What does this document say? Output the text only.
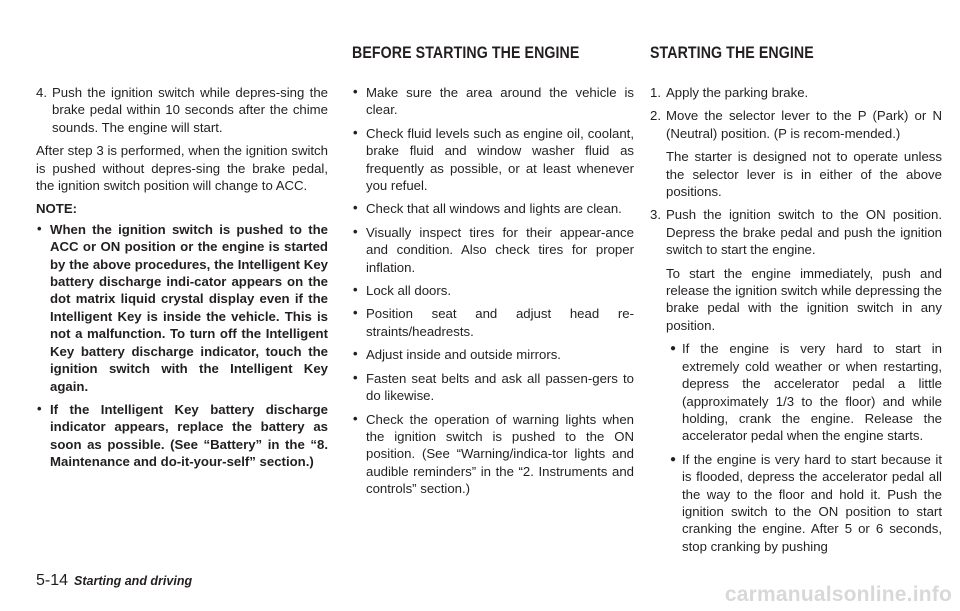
BEFORE STARTING THE ENGINE	STARTING THE ENGINE
4. Push the ignition switch while depres-sing the brake pedal within 10 seconds after the chime sounds. The engine will start.
After step 3 is performed, when the ignition switch is pushed without depres-sing the brake pedal, the ignition switch position will change to ACC.
NOTE:
• When the ignition switch is pushed to the ACC or ON position or the engine is started by the above procedures, the Intelligent Key battery discharge indi-cator appears on the dot matrix liquid crystal display even if the Intelligent Key is inside the vehicle. This is not a malfunction. To turn off the Intelligent Key battery discharge indicator, touch the ignition switch with the Intelligent Key again.
• If the Intelligent Key battery discharge indicator appears, replace the battery as soon as possible. (See “Battery” in the “8. Maintenance and do-it-your-self” section.)
• Make sure the area around the vehicle is clear.
• Check fluid levels such as engine oil, coolant, brake fluid and window washer fluid as frequently as possible, or at least whenever you refuel.
• Check that all windows and lights are clean.
• Visually inspect tires for their appear-ance and condition. Also check tires for proper inflation.
• Lock all doors.
• Position seat and adjust head re-straints/headrests.
• Adjust inside and outside mirrors.
• Fasten seat belts and ask all passen-gers to do likewise.
• Check the operation of warning lights when the ignition switch is pushed to the ON position. (See “Warning/indica-tor lights and audible reminders” in the “2. Instruments and controls” section.)
1. Apply the parking brake.
2. Move the selector lever to the P (Park) or N (Neutral) position. (P is recom-mended.)
The starter is designed not to operate unless the selector lever is in either of the above positions.
3. Push the ignition switch to the ON position. Depress the brake pedal and push the ignition switch to start the engine.
To start the engine immediately, push and release the ignition switch while depressing the brake pedal with the ignition switch in any position.
● If the engine is very hard to start in extremely cold weather or when restarting, depress the accelerator pedal a little (approximately 1/3 to the floor) and while holding, crank the engine. Release the accelerator pedal when the engine starts.
● If the engine is very hard to start because it is flooded, depress the accelerator pedal all the way to the floor and hold it. Push the ignition switch to the ON position to start cranking the engine. After 5 or 6 seconds, stop cranking by pushing
5-14 Starting and driving
carmanualsonline.info
